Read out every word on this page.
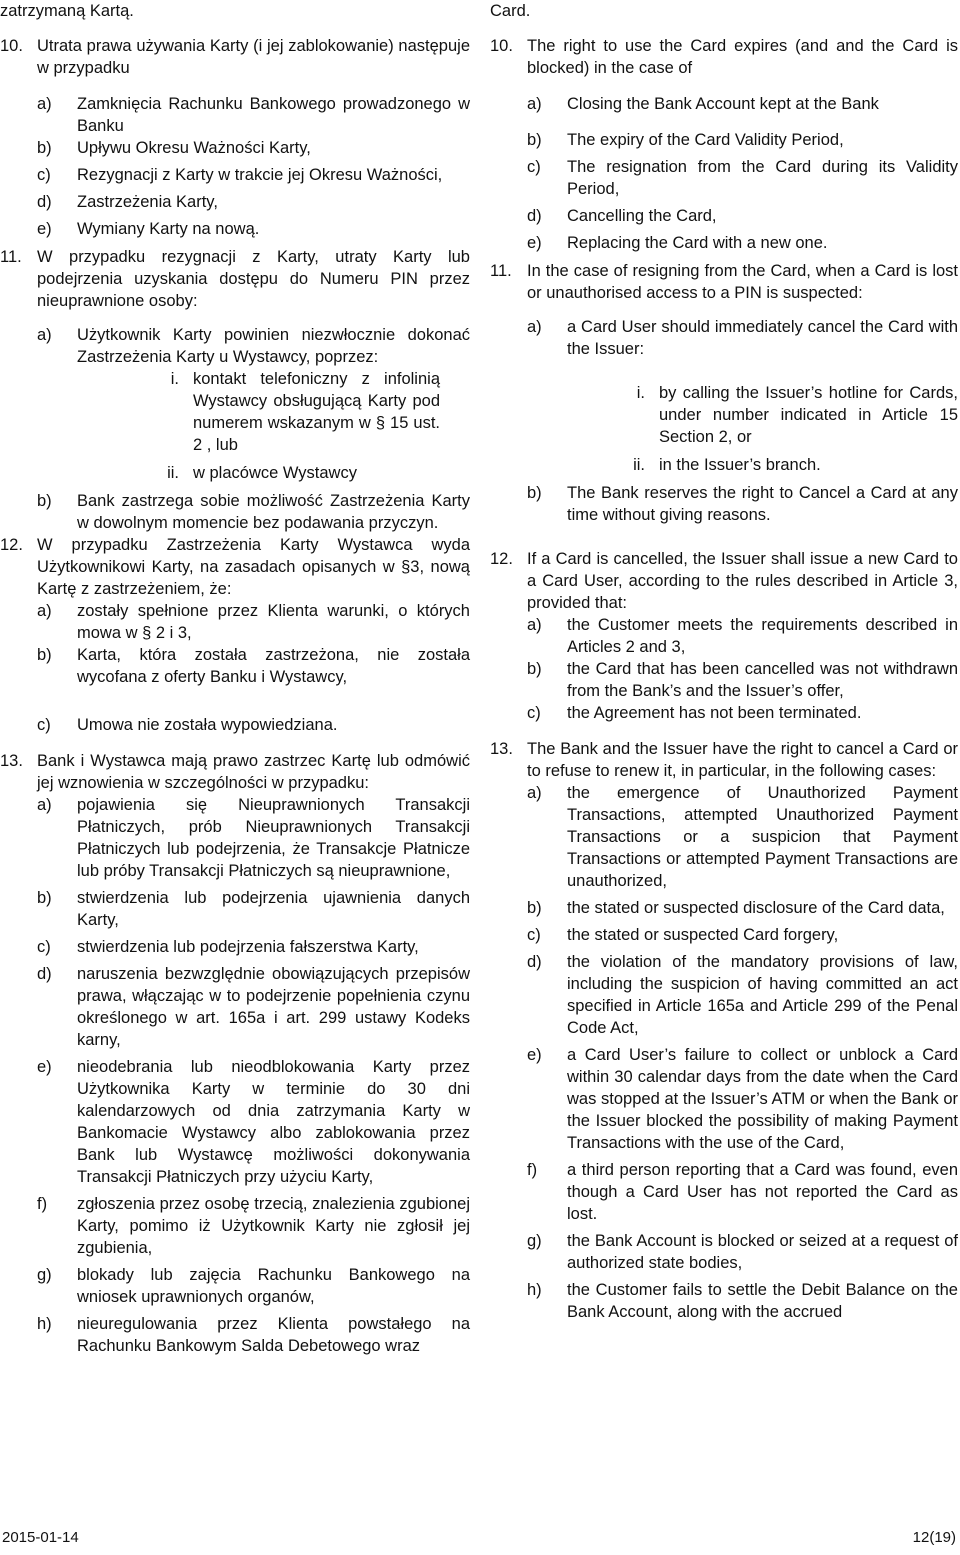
zatrzymaną Kartą.
10. Utrata prawa używania Karty (i jej zablokowanie) następuje w przypadku
a)	Zamknięcia Rachunku Bankowego prowadzonego w Banku
b)	Upływu Okresu Ważności Karty,
c)	Rezygnacji z Karty w trakcie jej Okresu Ważności,
d)	Zastrzeżenia Karty,
e)	Wymiany Karty na nową.
11. W przypadku rezygnacji z Karty, utraty Karty lub podejrzenia uzyskania dostępu do Numeru PIN przez nieuprawnione osoby:
a)	Użytkownik Karty powinien niezwłocznie dokonać Zastrzeżenia Karty u Wystawcy, poprzez:
i. kontakt telefoniczny z infolinią Wystawcy obsługującą Karty pod numerem wskazanym w § 15 ust. 2 , lub
ii. w placówce Wystawcy
b)	Bank zastrzega sobie możliwość Zastrzeżenia Karty w dowolnym momencie bez podawania przyczyn.
12. W przypadku Zastrzeżenia Karty Wystawca wyda Użytkownikowi Karty, na zasadach opisanych w §3, nową Kartę z zastrzeżeniem, że:
a)	zostały spełnione przez Klienta warunki, o których mowa w § 2 i 3,
b)	Karta, która została zastrzeżona, nie została wycofana z oferty Banku i Wystawcy,
c)	Umowa nie została wypowiedziana.
13. Bank i Wystawca mają prawo zastrzec Kartę lub odmówić jej wznowienia w szczególności w przypadku:
a)	pojawienia się Nieuprawnionych Transakcji Płatniczych, prób Nieuprawnionych Transakcji Płatniczych lub podejrzenia, że Transakcje Płatnicze lub próby Transakcji Płatniczych są nieuprawnione,
b)	stwierdzenia lub podejrzenia ujawnienia danych Karty,
c)	stwierdzenia lub podejrzenia fałszerstwa Karty,
d)	naruszenia bezwzględnie obowiązujących przepisów prawa, włączając w to podejrzenie popełnienia czynu określonego w art. 165a i art. 299 ustawy Kodeks karny,
e)	nieodebrania lub nieodblokowania Karty przez Użytkownika Karty w terminie do 30 dni kalendarzowych od dnia zatrzymania Karty w Bankomacie Wystawcy albo zablokowania przez Bank lub Wystawcę możliwości dokonywania Transakcji Płatniczych przy użyciu Karty,
f)	zgłoszenia przez osobę trzecią, znalezienia zgubionej Karty, pomimo iż Użytkownik Karty nie zgłosił jej zgubienia,
g)	blokady lub zajęcia Rachunku Bankowego na wniosek uprawnionych organów,
h)	nieuregulowania przez Klienta powstałego na Rachunku Bankowym Salda Debetowego wraz
Card.
10. The right to use the Card expires (and and the Card is blocked) in the case of
a)	Closing the Bank Account kept at the Bank
b)	The expiry of the Card Validity Period,
c)	The resignation from the Card during its Validity Period,
d)	Cancelling the Card,
e)	Replacing the Card with a new one.
11. In the case of resigning from the Card, when a Card is lost or unauthorised access to a PIN is suspected:
a)	a Card User should immediately cancel the Card with the Issuer:
i. by calling the Issuer’s hotline for Cards, under number indicated in Article 15 Section 2, or
ii. in the Issuer’s branch.
b)	The Bank reserves the right to Cancel a Card at any time without giving reasons.
12. If a Card is cancelled, the Issuer shall issue a new Card to a Card User, according to the rules described in Article 3, provided that:
a)	the Customer meets the requirements described in Articles 2 and 3,
b)	the Card that has been cancelled was not withdrawn from the Bank’s and the Issuer’s offer,
c)	the Agreement has not been terminated.
13. The Bank and the Issuer have the right to cancel a Card or to refuse to renew it, in particular, in the following cases:
a)	the emergence of Unauthorized Payment Transactions, attempted Unauthorized Payment Transactions or a suspicion that Payment Transactions or attempted Payment Transactions are unauthorized,
b)	the stated or suspected disclosure of the Card data,
c)	the stated or suspected Card forgery,
d)	the violation of the mandatory provisions of law, including the suspicion of having committed an act specified in Article 165a and Article 299 of the Penal Code Act,
e)	a Card User’s failure to collect or unblock a Card within 30 calendar days from the date when the Card was stopped at the Issuer’s ATM or when the Bank or the Issuer blocked the possibility of making Payment Transactions with the use of the Card,
f)	a third person reporting that a Card was found, even though a Card User has not reported the Card as lost.
g)	the Bank Account is blocked or seized at a request of authorized state bodies,
h)	the Customer fails to settle the Debit Balance on the Bank Account, along with the accrued
2015-01-14	12(19)
